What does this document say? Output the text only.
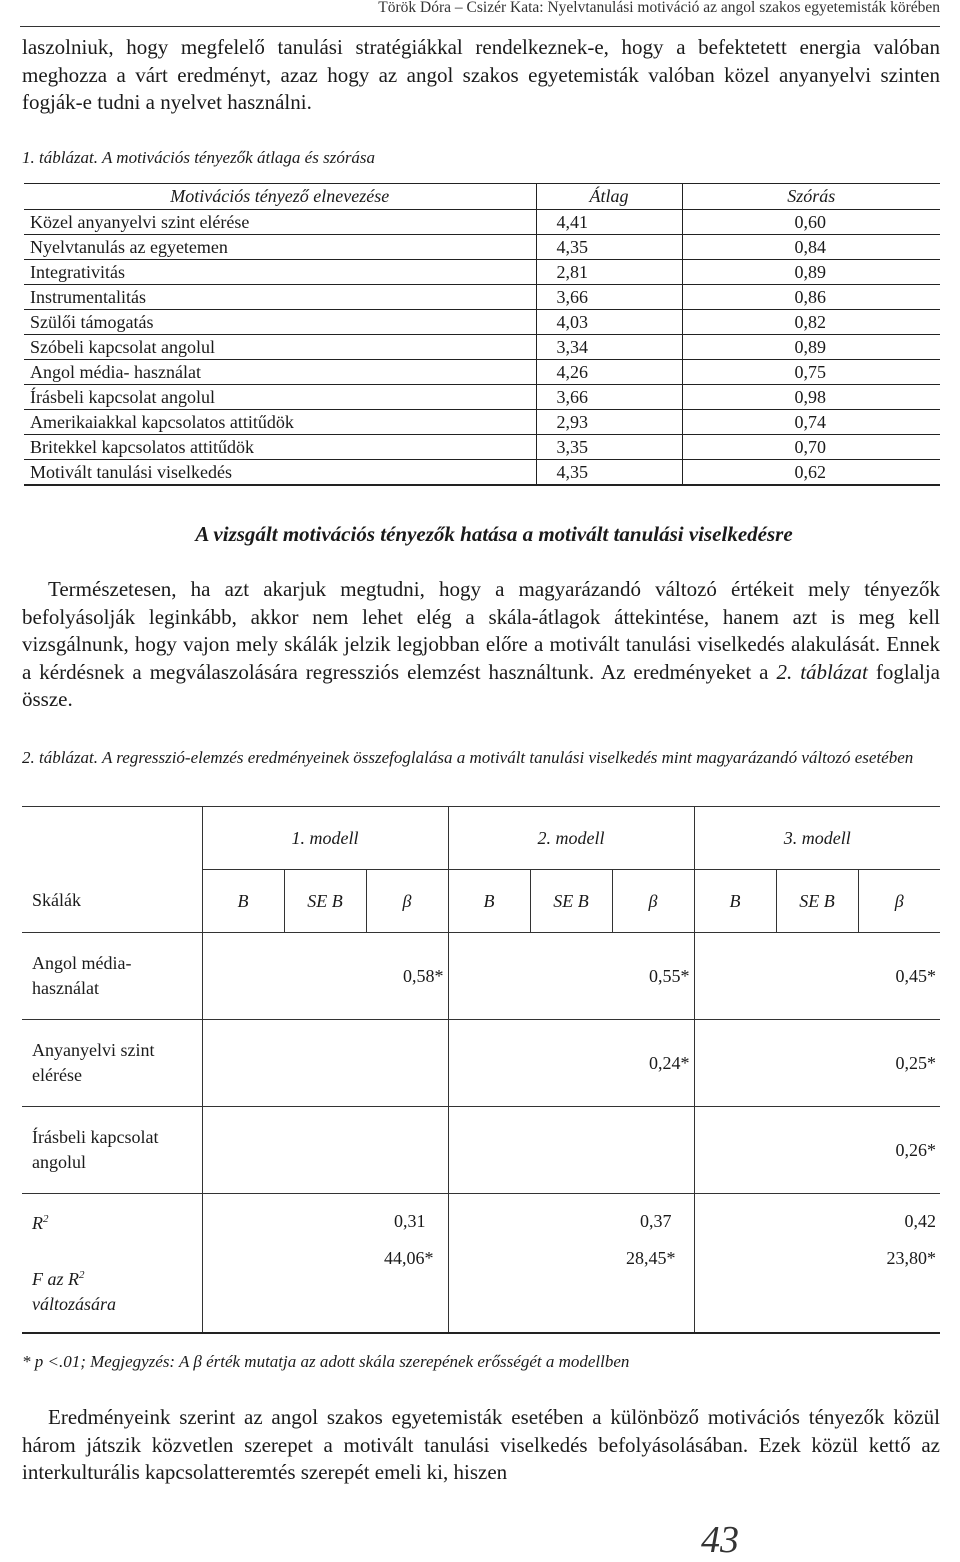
Török Dóra – Csizér Kata: Nyelvtanulási motiváció az angol szakos egyetemisták körében
laszolniuk, hogy megfelelő tanulási stratégiákkal rendelkeznek-e, hogy a befektetett energia valóban meghozza a várt eredményt, azaz hogy az angol szakos egyetemisták valóban közel anyanyelvi szinten fogják-e tudni a nyelvet használni.
1. táblázat. A motivációs tényezők átlaga és szórása
Motivációs tényező elnevezése	Átlag	Szórás
Közel anyanyelvi szint elérése	4,41	0,60
Nyelvtanulás az egyetemen	4,35	0,84
Integrativitás	2,81	0,89
Instrumentalitás	3,66	0,86
Szülői támogatás	4,03	0,82
Szóbeli kapcsolat angolul	3,34	0,89
Angol média- használat	4,26	0,75
Írásbeli kapcsolat angolul	3,66	0,98
Amerikaiakkal kapcsolatos attitűdök	2,93	0,74
Britekkel kapcsolatos attitűdök	3,35	0,70
Motivált tanulási viselkedés	4,35	0,62
A vizsgált motivációs tényezők hatása a motivált tanulási viselkedésre
Természetesen, ha azt akarjuk megtudni, hogy a magyarázandó változó értékeit mely tényezők befolyásolják leginkább, akkor nem lehet elég a skála-átlagok áttekintése, hanem azt is meg kell vizsgálnunk, hogy vajon mely skálák jelzik legjobban előre a motivált tanulási viselkedés alakulását. Ennek a kérdésnek a megválaszolására regressziós elemzést használtunk. Az eredményeket a 2. táblázat foglalja össze.
2. táblázat. A regresszió-elemzés eredményeinek összefoglalása a motivált tanulási viselkedés mint magyarázandó változó esetében
	1. modell			2. modell			3. modell		
Skálák	B	SE B	β	B	SE B	β	B	SE B	β
Angol média-
használat	0,58*			0,55*			0,45*		
Anyanyelvi szint
elérése				0,24*			0,25*		
Írásbeli kapcsolat
angolul							0,26*		
$R^2$	0,31			0,37			0,42		
F az $R^2$
változására	44,06*			28,45*			23,80*		
* p <.01; Megjegyzés: A β érték mutatja az adott skála szerepének erősségét a modellben
Eredményeink szerint az angol szakos egyetemisták esetében a különböző motivációs tényezők közül három játszik közvetlen szerepet a motivált tanulási viselkedés befolyásolásában. Ezek közül kettő az interkulturális kapcsolatteremtés szerepét emeli ki, hiszen
43
